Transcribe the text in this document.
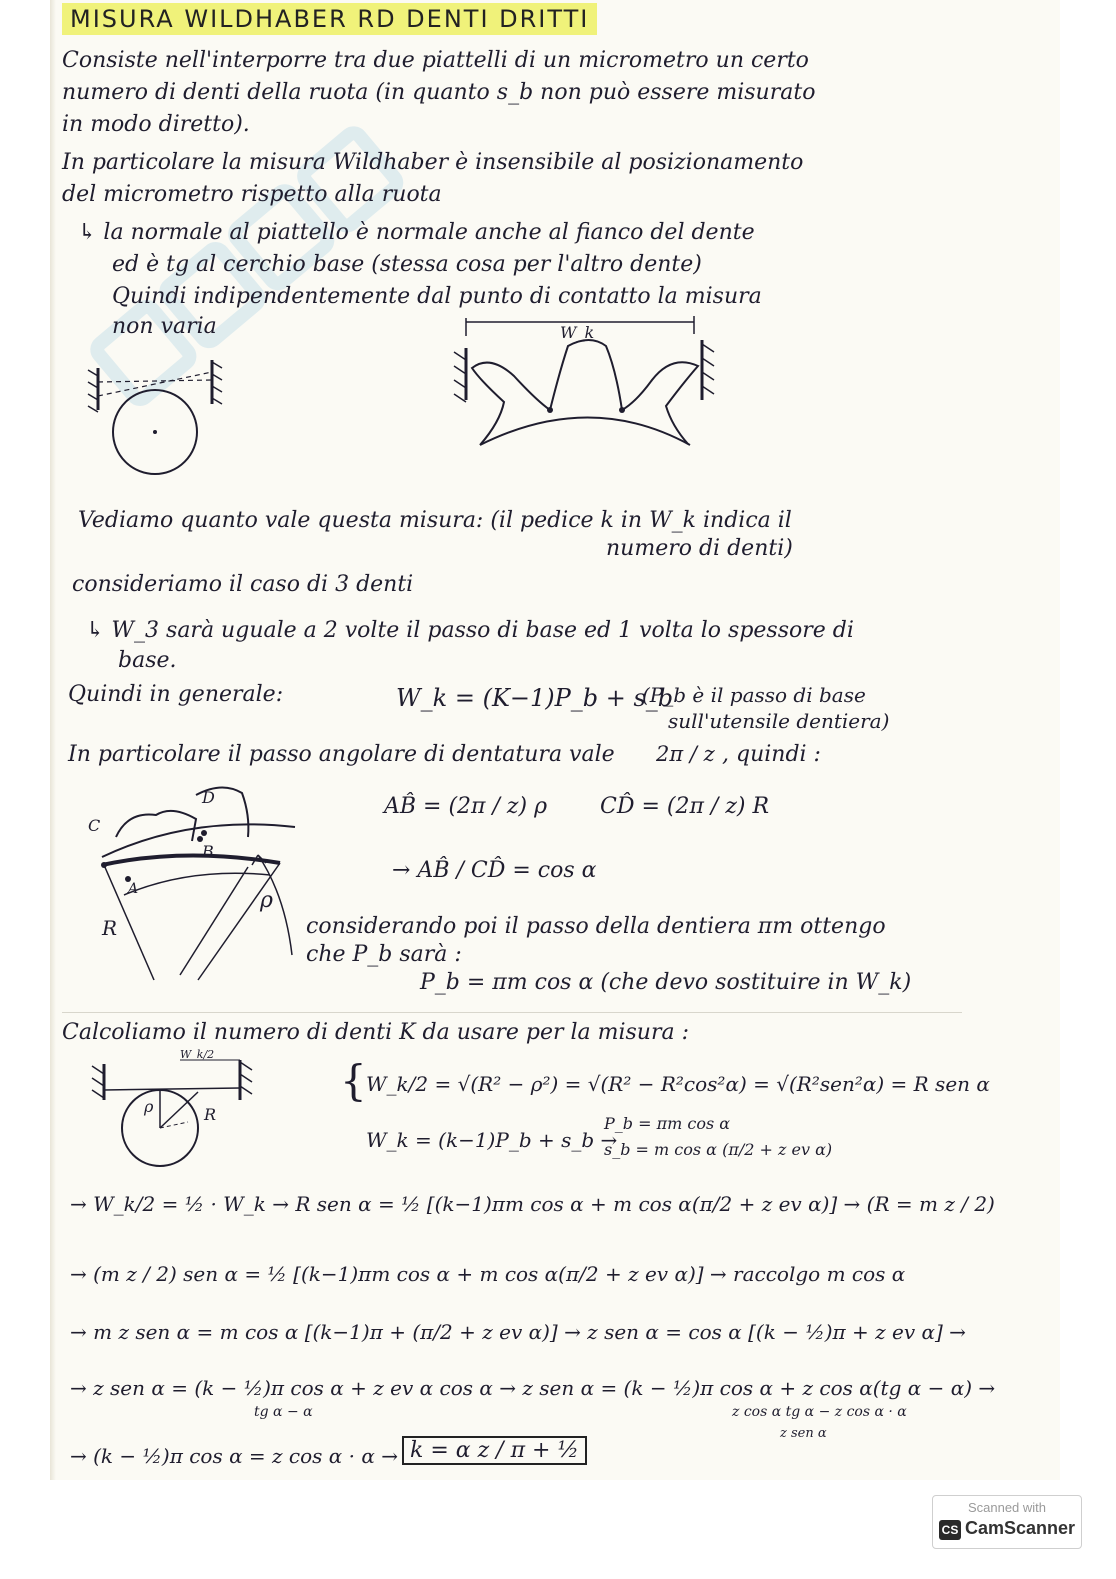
MISURA WILDHABER RD DENTI DRITTI
Consiste nell'interporre tra due piattelli di un micrometro un certo
numero di denti della ruota (in quanto s_b non può essere misurato
in modo diretto).
In particolare la misura Wildhaber è insensibile al posizionamento
del micrometro rispetto alla ruota
↳ la normale al piattello è normale anche al fianco del dente
ed è tg al cerchio base (stessa cosa per l'altro dente)
Quindi indipendentemente dal punto di contatto la misura
non varia	W_k
Vediamo quanto vale questa misura: (il pedice k in W_k indica il
numero di denti)
consideriamo il caso di 3 denti
↳ W_3 sarà uguale a 2 volte il passo di base ed 1 volta lo spessore di
base.
Quindi in generale:	W_k = (K−1)P_b + s_b
(P_b è il passo di base
sull'utensile dentiera)
In particolare il passo angolare di dentatura vale 2π / z , quindi :
C
D
A
B
R
ρ
AB̂ = (2π / z) ρ CD̂ = (2π / z) R
→ AB̂ / CD̂ = cos α
considerando poi il passo della dentiera πm ottengo
che P_b sarà :
P_b = πm cos α (che devo sostituire in W_k)
Calcoliamo il numero di denti K da usare per la misura :
W_k/2
ρ	R
{ W_k/2 = √(R² − ρ²) = √(R² − R²cos²α) = √(R²sen²α) = R sen α
W_k = (k−1)P_b + s_b →
P_b = πm cos α
s_b = m cos α (π/2 + z ev α)
→ W_k/2 = ½ · W_k → R sen α = ½ [(k−1)πm cos α + m cos α(π/2 + z ev α)] → (R = m z / 2)
→ (m z / 2) sen α = ½ [(k−1)πm cos α + m cos α(π/2 + z ev α)] → raccolgo m cos α
→ m z sen α = m cos α [(k−1)π + (π/2 + z ev α)] → z sen α = cos α [(k − ½)π + z ev α] →
→ z sen α = (k − ½)π cos α + z ev α cos α → z sen α = (k − ½)π cos α + z cos α(tg α − α) →
tg α − α	z cos α tg α − z cos α · α
z sen α
→ (k − ½)π cos α = z cos α · α → k = α z / π + ½
Scanned with
CS CamScanner
